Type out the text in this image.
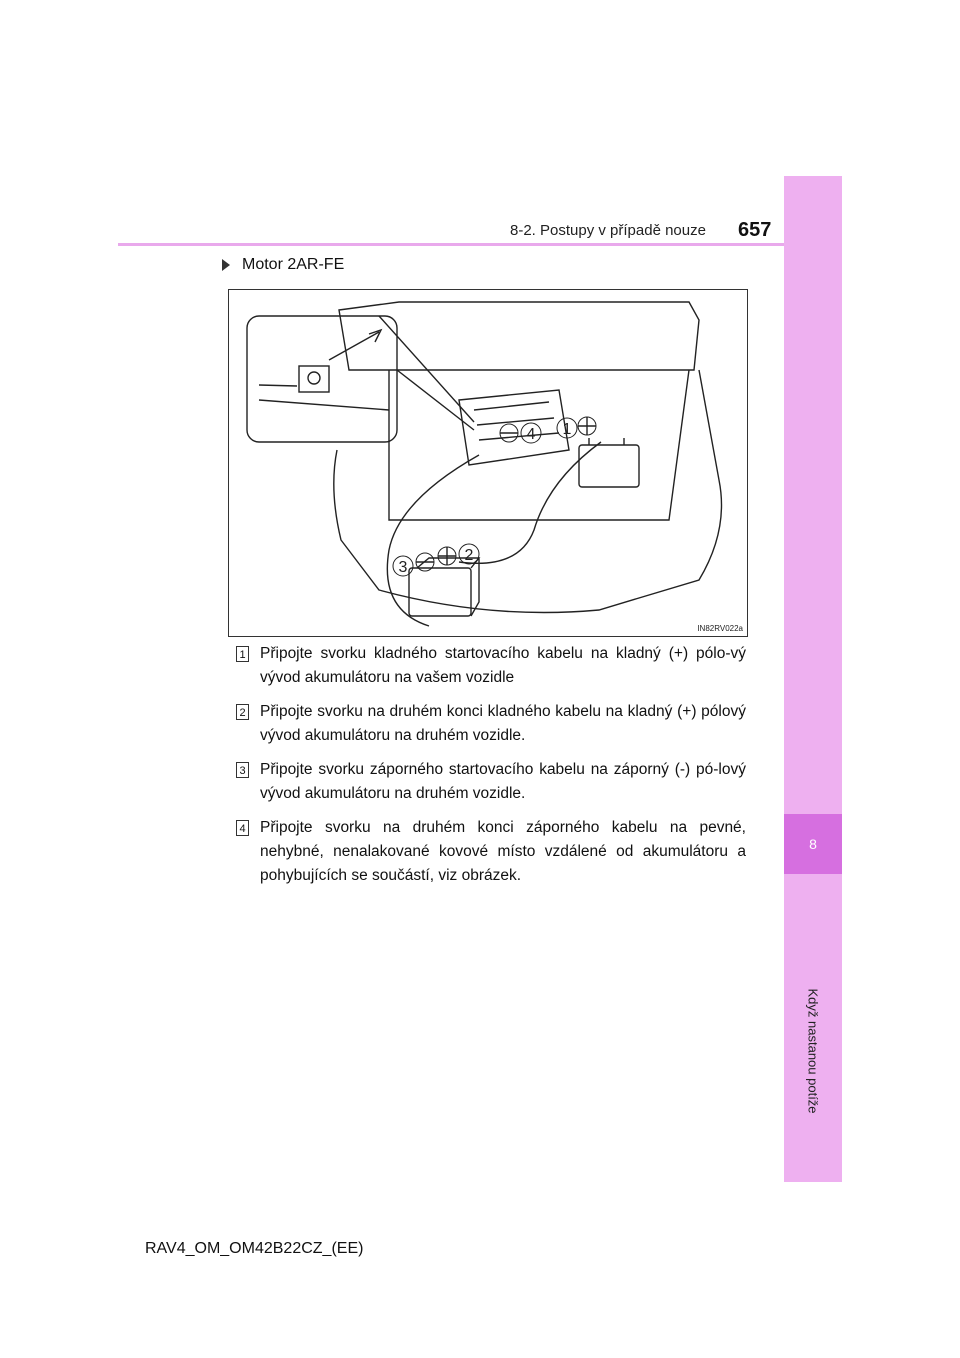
8-2. Postupy v případě nouze 657
8
Když nastanou potíže
Motor 2AR-FE
4 1
3
2
IN82RV022a
1 Připojte svorku kladného startovacího kabelu na kladný (+) pólo-vý vývod akumulátoru na vašem vozidle
2 Připojte svorku na druhém konci kladného kabelu na kladný (+) pólový vývod akumulátoru na druhém vozidle.
3 Připojte svorku záporného startovacího kabelu na záporný (-) pó-lový vývod akumulátoru na druhém vozidle.
4 Připojte svorku na druhém konci záporného kabelu na pevné, nehybné, nenalakované kovové místo vzdálené od akumulátoru a pohybujících se součástí, viz obrázek.
RAV4_OM_OM42B22CZ_(EE)
